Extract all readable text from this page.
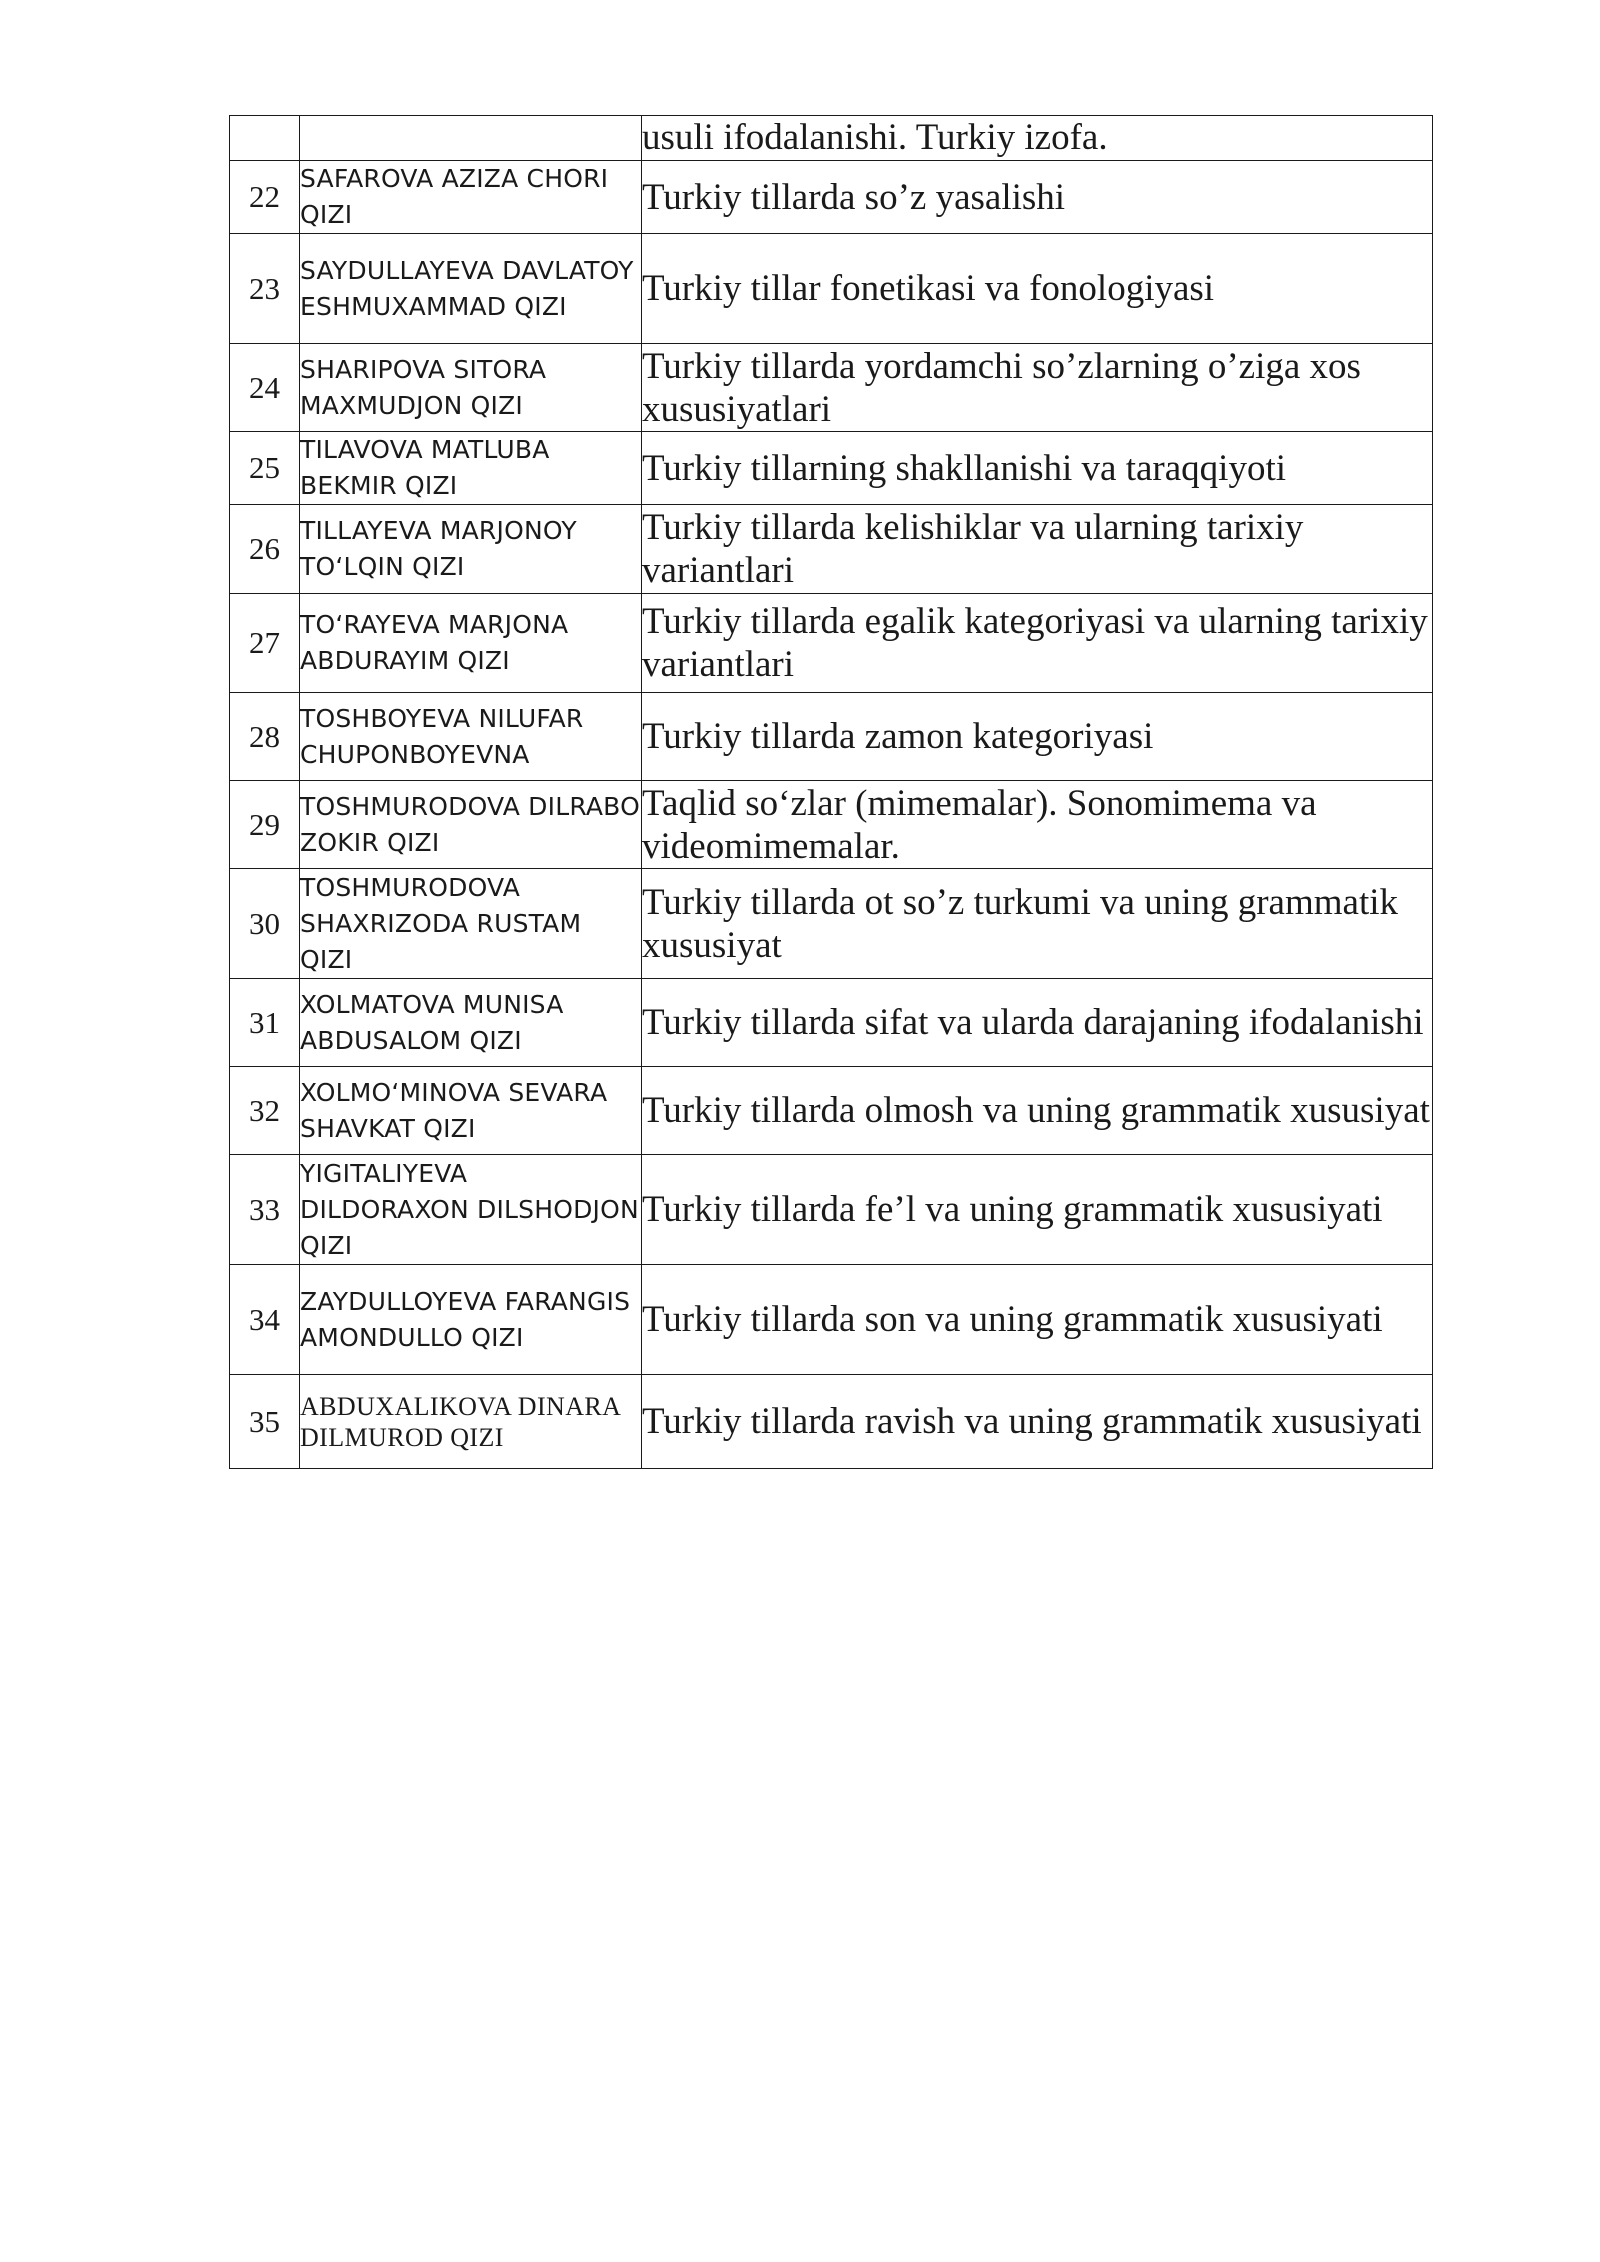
		usuli ifodalanishi. Turkiy izofa.
22	SAFAROVA AZIZA CHORI QIZI	Turkiy tillarda so’z yasalishi
23	SAYDULLAYEVA DAVLATOY ESHMUXAMMAD QIZI	Turkiy tillar fonetikasi va fonologiyasi
24	SHARIPOVA SITORA MAXMUDJON QIZI	Turkiy tillarda yordamchi so’zlarning o’ziga xos xususiyatlari
25	TILAVOVA MATLUBA BEKMIR QIZI	Turkiy tillarning shakllanishi va taraqqiyoti
26	TILLAYEVA MARJONOY TO‘LQIN QIZI	Turkiy tillarda kelishiklar va ularning tarixiy variantlari
27	TO‘RAYEVA MARJONA ABDURAYIM QIZI	Turkiy tillarda egalik kategoriyasi va ularning tarixiy variantlari
28	TOSHBOYEVA NILUFAR CHUPONBOYEVNA	Turkiy tillarda zamon kategoriyasi
29	TOSHMURODOVA DILRABO ZOKIR QIZI	Taqlid so‘zlar (mimemalar). Sonomimema va videomimemalar.
30	TOSHMURODOVA SHAXRIZODA RUSTAM QIZI	Turkiy tillarda ot so’z turkumi va uning grammatik xususiyat
31	XOLMATOVA MUNISA ABDUSALOM QIZI	Turkiy tillarda sifat va ularda darajaning ifodalanishi
32	XOLMO‘MINOVA SEVARA SHAVKAT QIZI	Turkiy tillarda olmosh va uning grammatik xususiyat
33	YIGITALIYEVA DILDORAXON DILSHODJON QIZI	Turkiy tillarda fe’l va uning grammatik xususiyati
34	ZAYDULLOYEVA FARANGIS AMONDULLO QIZI	Turkiy tillarda son va uning grammatik xususiyati
35	ABDUXALIKOVA DINARA DILMUROD QIZI	Turkiy tillarda ravish va uning grammatik xususiyati
